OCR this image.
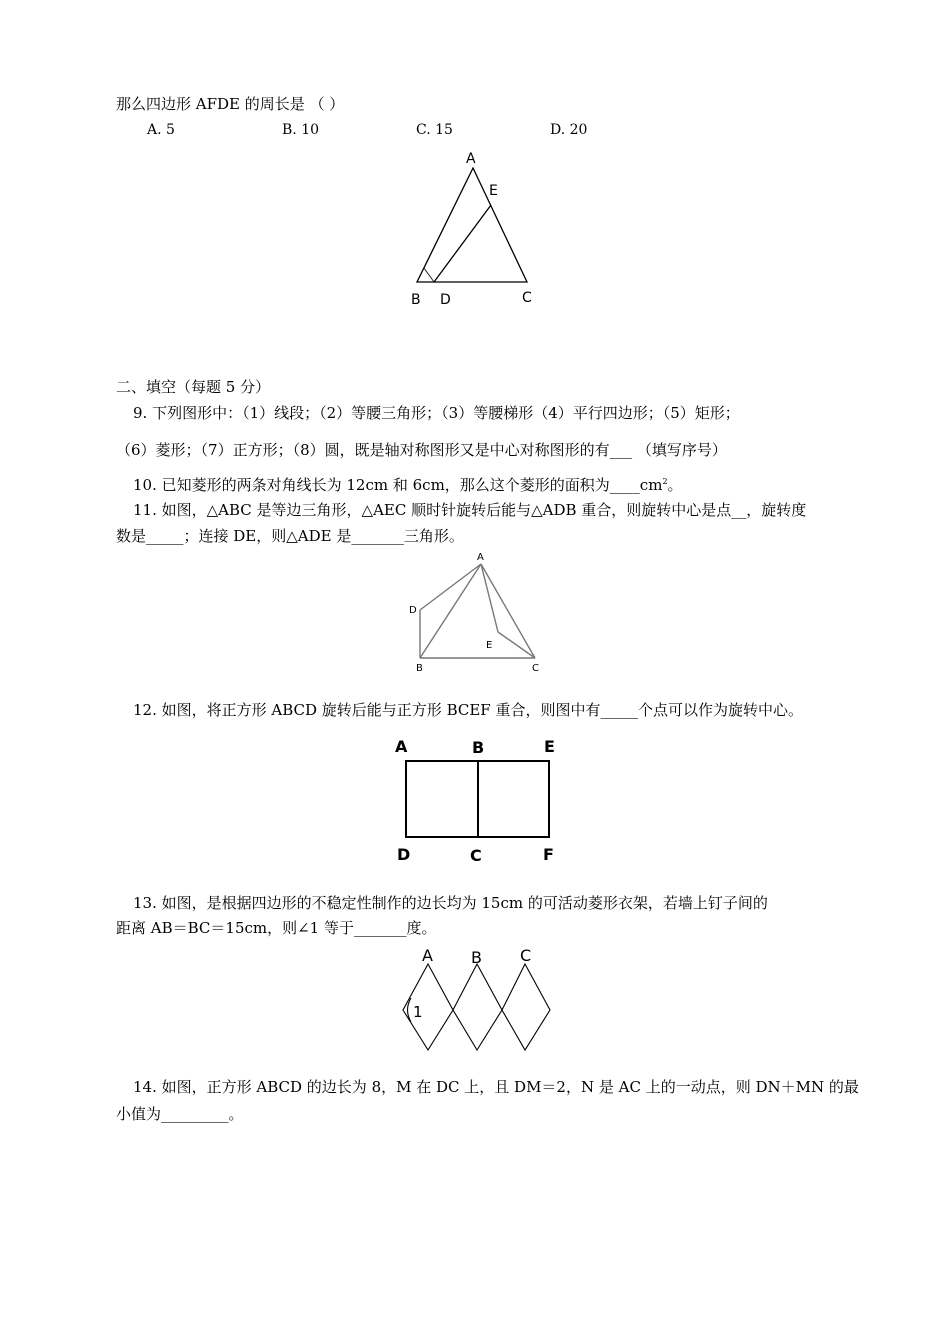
那么四边形 AFDE 的周长是 （ ）
A. 5	B. 10	C. 15	D. 20
A
E
B D	C
二、填空（每题 5 分）
9. 下列图形中：（1）线段；（2）等腰三角形；（3）等腰梯形（4）平行四边形；（5）矩形；
（6）菱形；（7）正方形；（8）圆，既是轴对称图形又是中心对称图形的有___ （填写序号）
10. 已知菱形的两条对角线长为 12cm 和 6cm，那么这个菱形的面积为$\_\_\_\_cm^2$。
11. 如图，△ABC 是等边三角形，△AEC 顺时针旋转后能与△ADB 重合，则旋转中心是点__，旋转度
数是_____；连接 DE，则△ADE 是_______三角形。
A
D
E
B	C
12. 如图，将正方形 ABCD 旋转后能与正方形 BCEF 重合，则图中有_____个点可以作为旋转中心。
A	B	E
D	C	F
13. 如图，是根据四边形的不稳定性制作的边长均为 15cm 的可活动菱形衣架，若墙上钉子间的
距离 AB＝BC＝15cm，则∠1 等于_______度。
A B C
1
14. 如图，正方形 ABCD 的边长为 8，M 在 DC 上，且 DM＝2，N 是 AC 上的一动点，则 DN＋MN 的最
小值为_________。
